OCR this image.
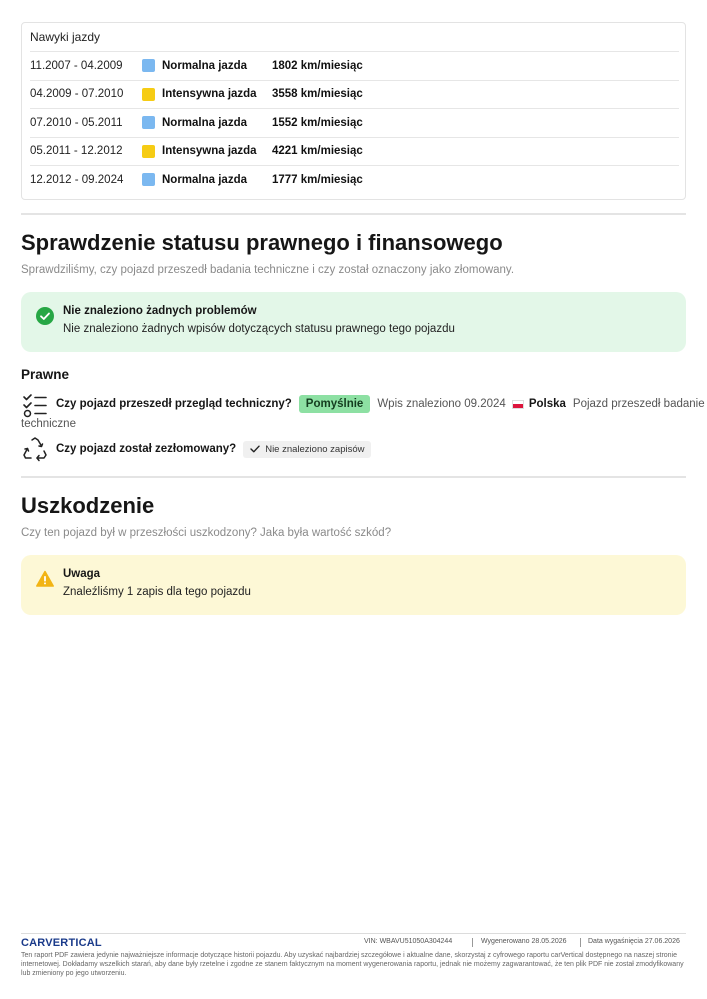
Nawyki jazdy
11.2007 - 04.2009	Normalna jazda	1802 km/miesiąc
04.2009 - 07.2010	Intensywna jazda	3558 km/miesiąc
07.2010 - 05.2011	Normalna jazda	1552 km/miesiąc
05.2011 - 12.2012	Intensywna jazda	4221 km/miesiąc
12.2012 - 09.2024	Normalna jazda	1777 km/miesiąc
Sprawdzenie statusu prawnego i finansowego
Sprawdziliśmy, czy pojazd przeszedł badania techniczne i czy został oznaczony jako złomowany.
Nie znaleziono żadnych problemów
Nie znaleziono żadnych wpisów dotyczących statusu prawnego tego pojazdu
Prawne
Czy pojazd przeszedł przegląd techniczny?	Pomyślnie	Wpis znaleziono 09.2024 Polska Pojazd przeszedł badanie
techniczne
Czy pojazd został zezłomowany?	Nie znaleziono zapisów
Uszkodzenie
Czy ten pojazd był w przeszłości uszkodzony? Jaka była wartość szkód?
Uwaga
Znaleźliśmy 1 zapis dla tego pojazdu
CARVERTICAL	VIN: WBAVU51050A304244	Wygenerowano 28.05.2026	Data wygaśnięcia 27.06.2026
Ten raport PDF zawiera jedynie najważniejsze informacje dotyczące historii pojazdu. Aby uzyskać najbardziej szczegółowe i aktualne dane, skorzystaj z cyfrowego raportu carVertical dostępnego na naszej stronie internetowej. Dokładamy wszelkich starań, aby dane były rzetelne i zgodne ze stanem faktycznym na moment wygenerowania raportu, jednak nie możemy zagwarantować, że ten plik PDF nie został zmodyfikowany lub zmieniony po jego utworzeniu.
